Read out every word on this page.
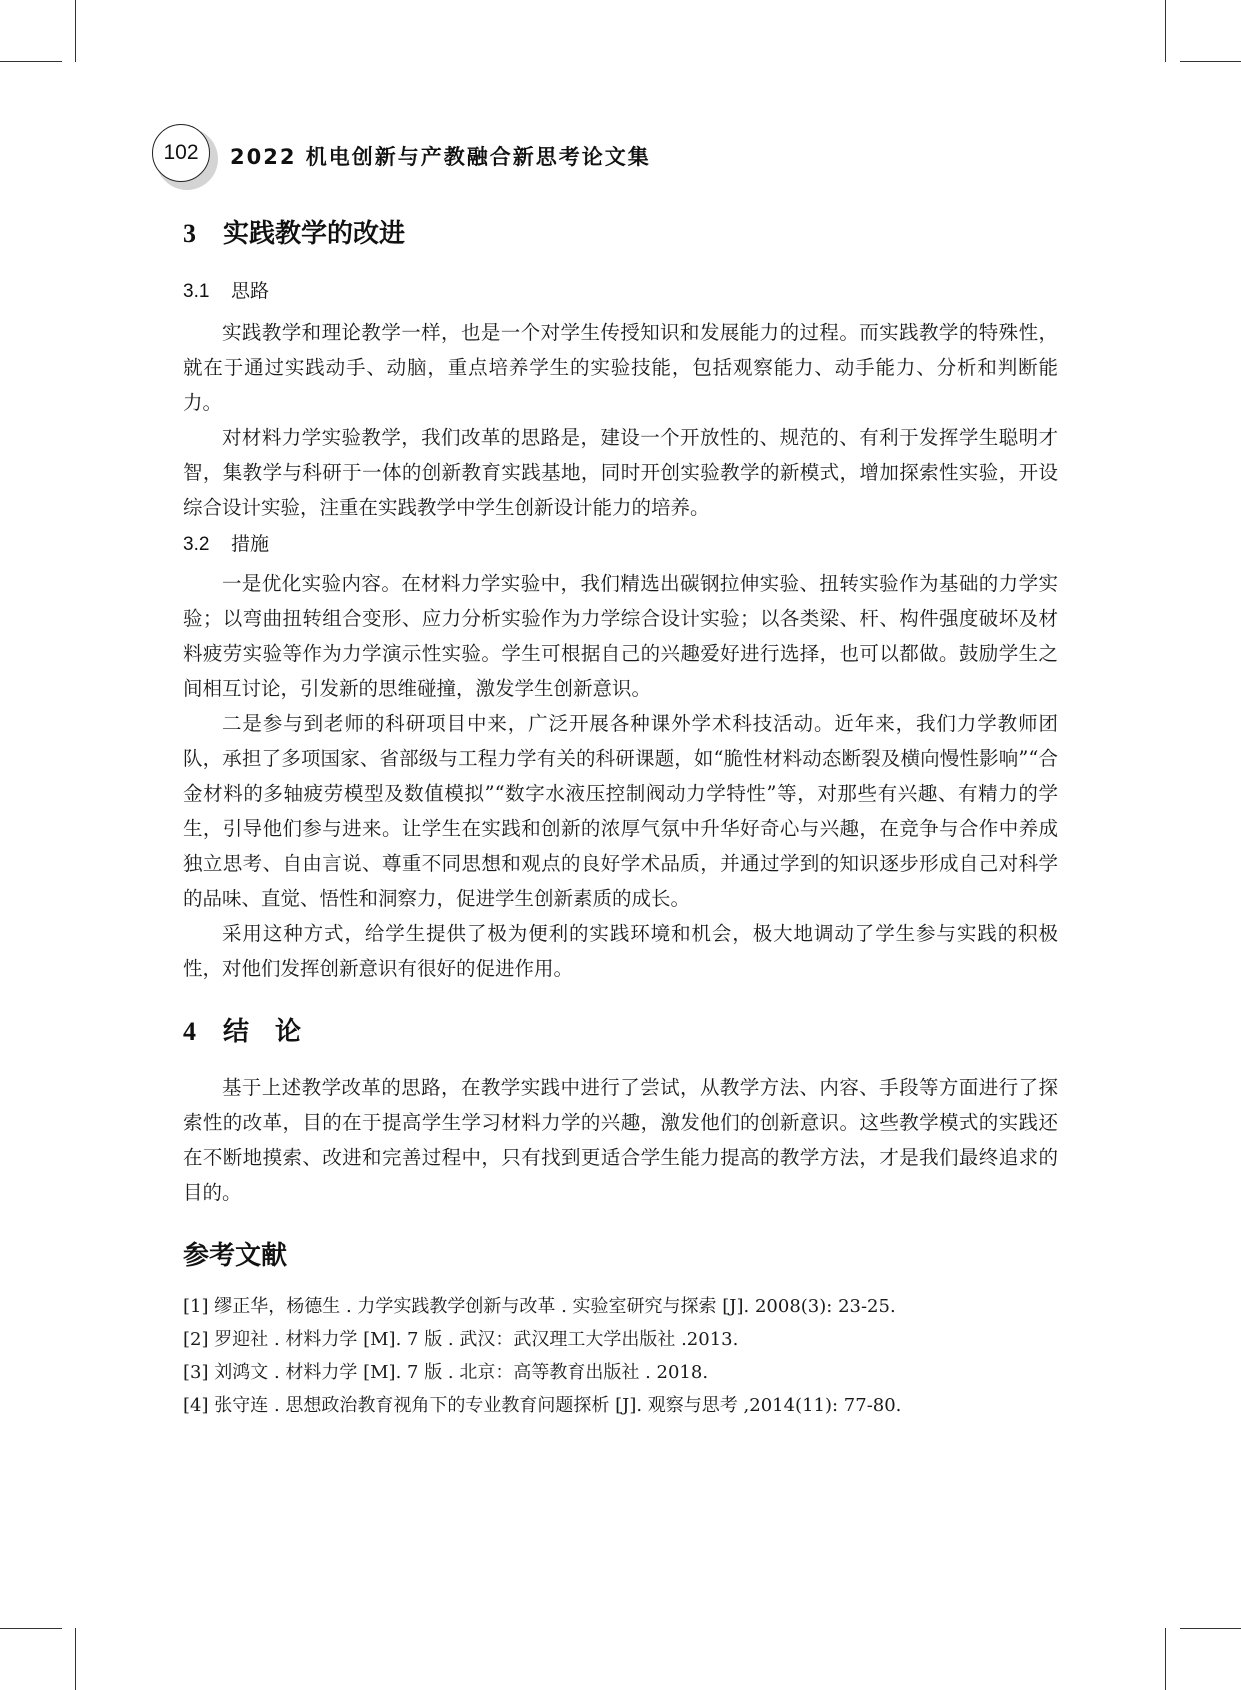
102	2022 机电创新与产教融合新思考论文集
3 实践教学的改进
3.1 思路

实践教学和理论教学一样，也是一个对学生传授知识和发展能力的过程。而实践教学的特殊性，就在于通过实践动手、动脑，重点培养学生的实验技能，包括观察能力、动手能力、分析和判断能力。

对材料力学实验教学，我们改革的思路是，建设一个开放性的、规范的、有利于发挥学生聪明才智，集教学与科研于一体的创新教育实践基地，同时开创实验教学的新模式，增加探索性实验，开设综合设计实验，注重在实践教学中学生创新设计能力的培养。

3.2 措施

一是优化实验内容。在材料力学实验中，我们精选出碳钢拉伸实验、扭转实验作为基础的力学实验；以弯曲扭转组合变形、应力分析实验作为力学综合设计实验；以各类梁、杆、构件强度破坏及材料疲劳实验等作为力学演示性实验。学生可根据自己的兴趣爱好进行选择，也可以都做。鼓励学生之间相互讨论，引发新的思维碰撞，激发学生创新意识。

二是参与到老师的科研项目中来，广泛开展各种课外学术科技活动。近年来，我们力学教师团队，承担了多项国家、省部级与工程力学有关的科研课题，如“脆性材料动态断裂及横向慢性影响”“合金材料的多轴疲劳模型及数值模拟”“数字水液压控制阀动力学特性”等，对那些有兴趣、有精力的学生，引导他们参与进来。让学生在实践和创新的浓厚气氛中升华好奇心与兴趣，在竞争与合作中养成独立思考、自由言说、尊重不同思想和观点的良好学术品质，并通过学到的知识逐步形成自己对科学的品味、直觉、悟性和洞察力，促进学生创新素质的成长。

采用这种方式，给学生提供了极为便利的实践环境和机会，极大地调动了学生参与实践的积极性，对他们发挥创新意识有很好的促进作用。

4 结　论

基于上述教学改革的思路，在教学实践中进行了尝试，从教学方法、内容、手段等方面进行了探索性的改革，目的在于提高学生学习材料力学的兴趣，激发他们的创新意识。这些教学模式的实践还在不断地摸索、改进和完善过程中，只有找到更适合学生能力提高的教学方法，才是我们最终追求的目的。

参考文献
[1] 缪正华，杨德生 . 力学实践教学创新与改革 . 实验室研究与探索 [J]. 2008(3): 23-25.
[2] 罗迎社 . 材料力学 [M]. 7 版 . 武汉：武汉理工大学出版社 .2013.
[3] 刘鸿文 . 材料力学 [M]. 7 版 . 北京：高等教育出版社 . 2018.
[4] 张守连 . 思想政治教育视角下的专业教育问题探析 [J]. 观察与思考 ,2014(11): 77-80.
